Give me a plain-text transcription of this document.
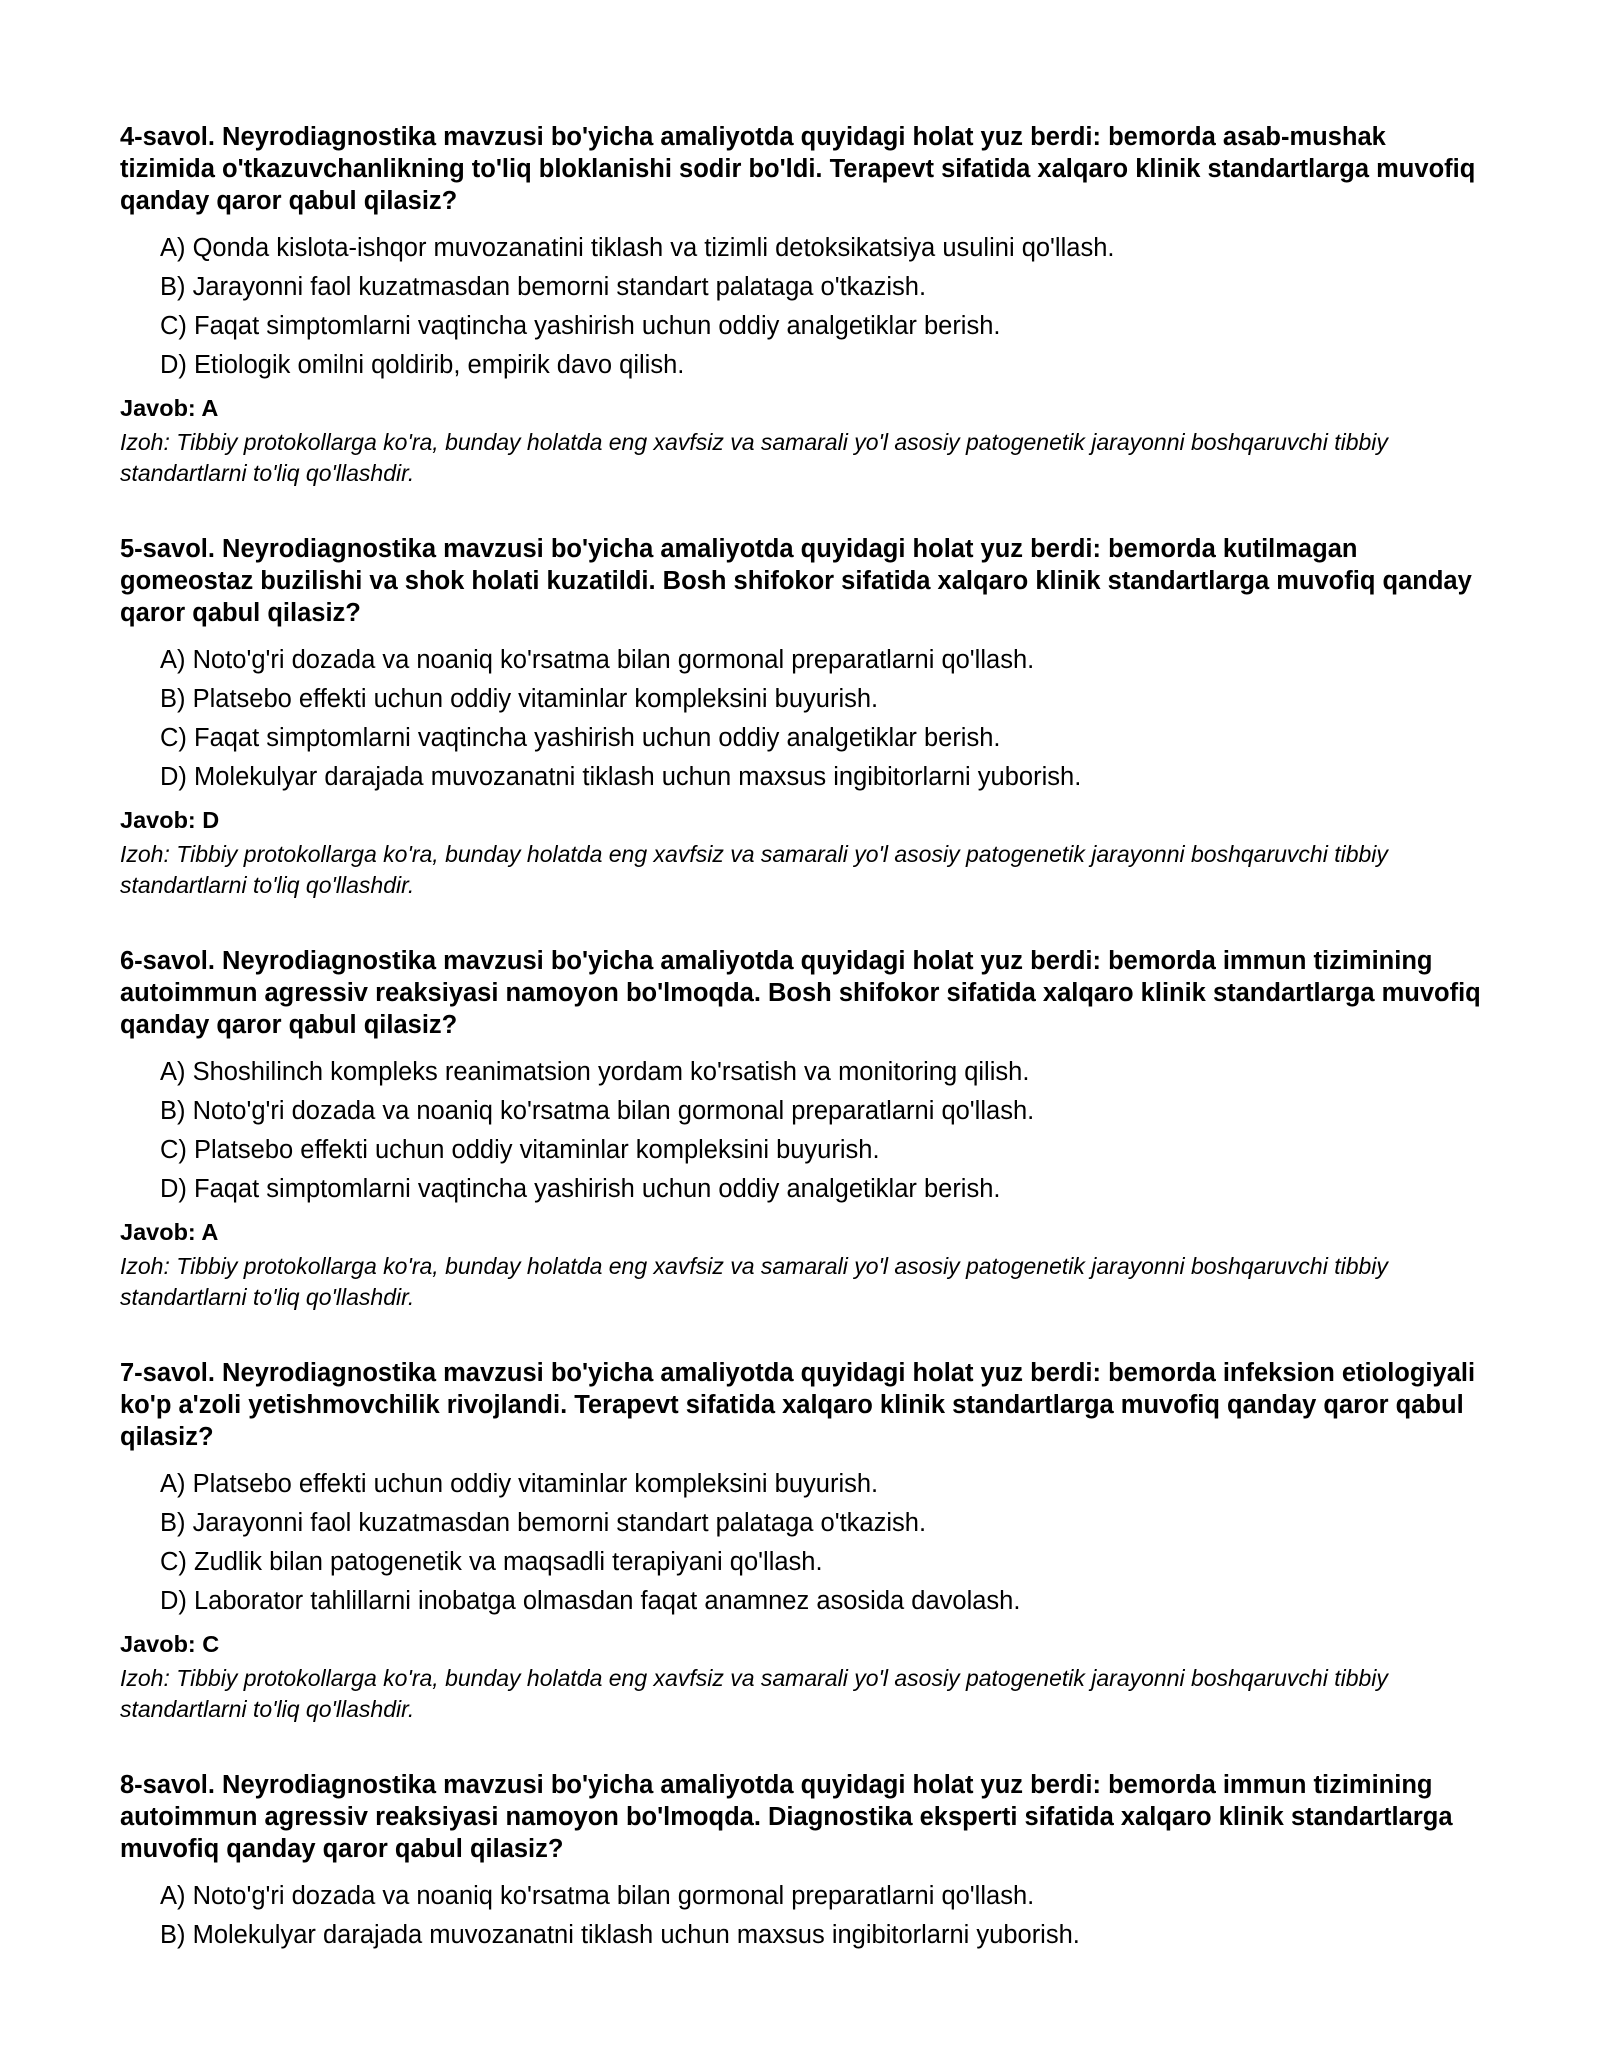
4-savol. Neyrodiagnostika mavzusi bo'yicha amaliyotda quyidagi holat yuz berdi: bemorda asab-mushak tizimida o'tkazuvchanlikning to'liq bloklanishi sodir bo'ldi. Terapevt sifatida xalqaro klinik standartlarga muvofiq qanday qaror qabul qilasiz?

A) Qonda kislota-ishqor muvozanatini tiklash va tizimli detoksikatsiya usulini qo'llash.
B) Jarayonni faol kuzatmasdan bemorni standart palataga o'tkazish.
C) Faqat simptomlarni vaqtincha yashirish uchun oddiy analgetiklar berish.
D) Etiologik omilni qoldirib, empirik davo qilish.

Javob: A

Izoh: Tibbiy protokollarga ko'ra, bunday holatda eng xavfsiz va samarali yo'l asosiy patogenetik jarayonni boshqaruvchi tibbiy standartlarni to'liq qo'llashdir.

5-savol. Neyrodiagnostika mavzusi bo'yicha amaliyotda quyidagi holat yuz berdi: bemorda kutilmagan gomeostaz buzilishi va shok holati kuzatildi. Bosh shifokor sifatida xalqaro klinik standartlarga muvofiq qanday qaror qabul qilasiz?

A) Noto'g'ri dozada va noaniq ko'rsatma bilan gormonal preparatlarni qo'llash.
B) Platsebo effekti uchun oddiy vitaminlar kompleksini buyurish.
C) Faqat simptomlarni vaqtincha yashirish uchun oddiy analgetiklar berish.
D) Molekulyar darajada muvozanatni tiklash uchun maxsus ingibitorlarni yuborish.

Javob: D

Izoh: Tibbiy protokollarga ko'ra, bunday holatda eng xavfsiz va samarali yo'l asosiy patogenetik jarayonni boshqaruvchi tibbiy standartlarni to'liq qo'llashdir.

6-savol. Neyrodiagnostika mavzusi bo'yicha amaliyotda quyidagi holat yuz berdi: bemorda immun tizimining autoimmun agressiv reaksiyasi namoyon bo'lmoqda. Bosh shifokor sifatida xalqaro klinik standartlarga muvofiq qanday qaror qabul qilasiz?

A) Shoshilinch kompleks reanimatsion yordam ko'rsatish va monitoring qilish.
B) Noto'g'ri dozada va noaniq ko'rsatma bilan gormonal preparatlarni qo'llash.
C) Platsebo effekti uchun oddiy vitaminlar kompleksini buyurish.
D) Faqat simptomlarni vaqtincha yashirish uchun oddiy analgetiklar berish.

Javob: A

Izoh: Tibbiy protokollarga ko'ra, bunday holatda eng xavfsiz va samarali yo'l asosiy patogenetik jarayonni boshqaruvchi tibbiy standartlarni to'liq qo'llashdir.

7-savol. Neyrodiagnostika mavzusi bo'yicha amaliyotda quyidagi holat yuz berdi: bemorda infeksion etiologiyali ko'p a'zoli yetishmovchilik rivojlandi. Terapevt sifatida xalqaro klinik standartlarga muvofiq qanday qaror qabul qilasiz?

A) Platsebo effekti uchun oddiy vitaminlar kompleksini buyurish.
B) Jarayonni faol kuzatmasdan bemorni standart palataga o'tkazish.
C) Zudlik bilan patogenetik va maqsadli terapiyani qo'llash.
D) Laborator tahlillarni inobatga olmasdan faqat anamnez asosida davolash.

Javob: C

Izoh: Tibbiy protokollarga ko'ra, bunday holatda eng xavfsiz va samarali yo'l asosiy patogenetik jarayonni boshqaruvchi tibbiy standartlarni to'liq qo'llashdir.

8-savol. Neyrodiagnostika mavzusi bo'yicha amaliyotda quyidagi holat yuz berdi: bemorda immun tizimining autoimmun agressiv reaksiyasi namoyon bo'lmoqda. Diagnostika eksperti sifatida xalqaro klinik standartlarga muvofiq qanday qaror qabul qilasiz?

A) Noto'g'ri dozada va noaniq ko'rsatma bilan gormonal preparatlarni qo'llash.
B) Molekulyar darajada muvozanatni tiklash uchun maxsus ingibitorlarni yuborish.
